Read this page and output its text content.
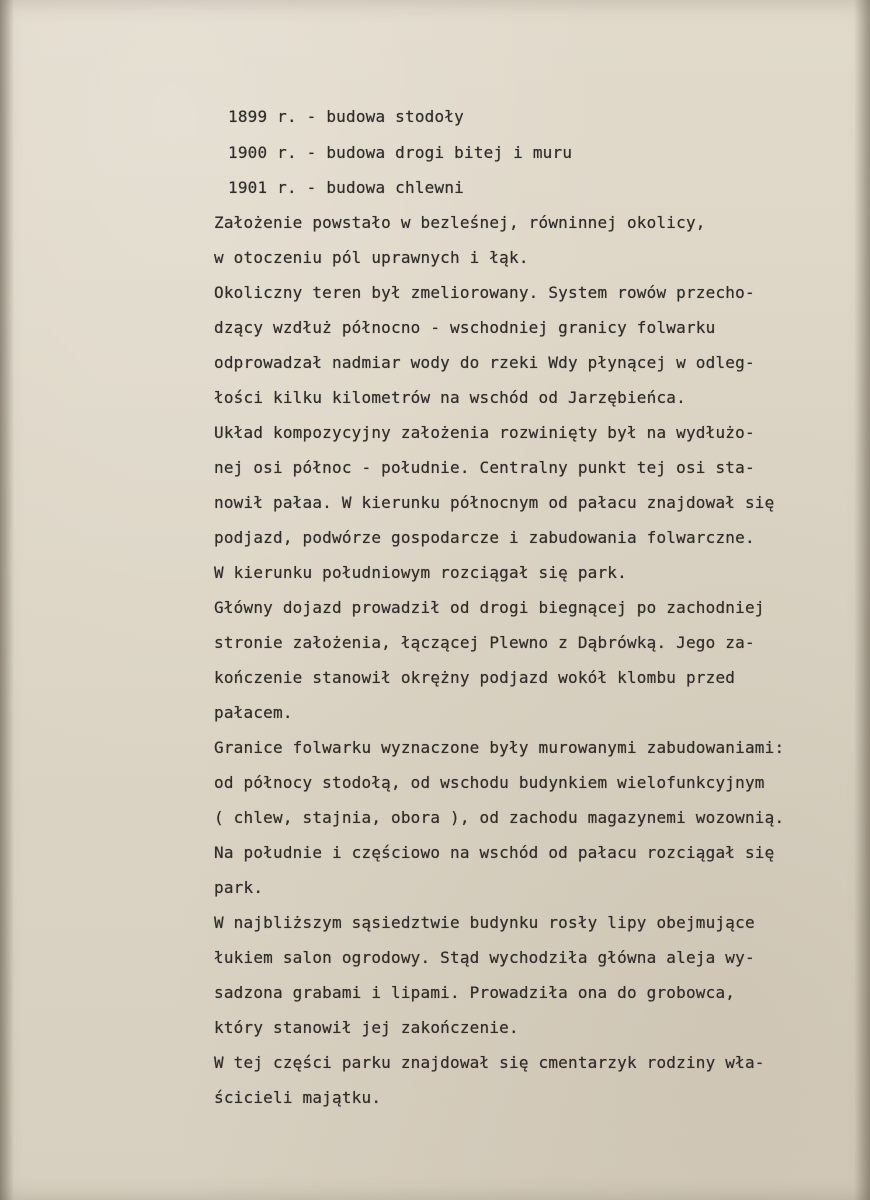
1899 r. - budowa stodoły
1900 r. - budowa drogi bitej i muru
1901 r. - budowa chlewni
Założenie powstało w bezleśnej, równinnej okolicy,
w otoczeniu pól uprawnych i łąk.
Okoliczny teren był zmeliorowany. System rowów przecho-
dzący wzdłuż północno - wschodniej granicy folwarku
odprowadzał nadmiar wody do rzeki Wdy płynącej w odleg-
łości kilku kilometrów na wschód od Jarzębieńca.
Układ kompozycyjny założenia rozwinięty był na wydłużo-
nej osi północ - południe. Centralny punkt tej osi sta-
nowił pałaa. W kierunku północnym od pałacu znajdował się
podjazd, podwórze gospodarcze i zabudowania folwarczne.
W kierunku południowym rozciągał się park.
Główny dojazd prowadził od drogi biegnącej po zachodniej
stronie założenia, łączącej Plewno z Dąbrówką. Jego za-
kończenie stanowił okrężny podjazd wokół klombu przed
pałacem.
Granice folwarku wyznaczone były murowanymi zabudowaniami:
od północy stodołą, od wschodu budynkiem wielofunkcyjnym
( chlew, stajnia, obora ), od zachodu magazynemi wozownią.
Na południe i częściowo na wschód od pałacu rozciągał się
park.
W najbliższym sąsiedztwie budynku rosły lipy obejmujące
łukiem salon ogrodowy. Stąd wychodziła główna aleja wy-
sadzona grabami i lipami. Prowadziła ona do grobowca,
który stanowił jej zakończenie.
W tej części parku znajdował się cmentarzyk rodziny wła-
ścicieli majątku.
